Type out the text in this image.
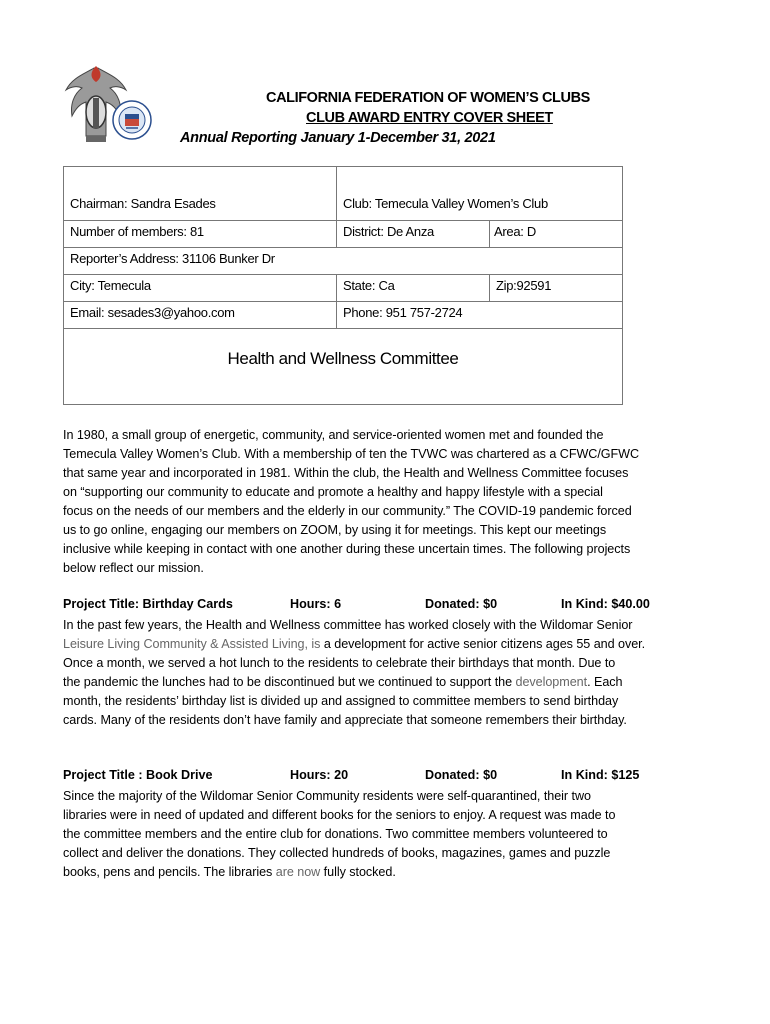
CALIFORNIA FEDERATION OF WOMEN’S CLUBS
CLUB AWARD ENTRY COVER SHEET
Annual Reporting January 1-December 31, 2021
Chairman: Sandra Esades	Club: Temecula Valley Women’s Club
Number of members: 81	District: De Anza	Area: D
Reporter’s Address: 31106 Bunker Dr
City: Temecula	State: Ca	Zip:92591
Email: sesades3@yahoo.com	Phone: 951 757-2724
Health and Wellness Committee
In 1980, a small group of energetic, community, and service-oriented women met and founded the
Temecula Valley Women’s Club. With a membership of ten the TVWC was chartered as a CFWC/GFWC
that same year and incorporated in 1981. Within the club, the Health and Wellness Committee focuses
on “supporting our community to educate and promote a healthy and happy lifestyle with a special
focus on the needs of our members and the elderly in our community.” The COVID-19 pandemic forced
us to go online, engaging our members on ZOOM, by using it for meetings. This kept our meetings
inclusive while keeping in contact with one another during these uncertain times. The following projects
below reflect our mission.
Project Title: Birthday Cards	Hours: 6	Donated: $0	In Kind: $40.00
In the past few years, the Health and Wellness committee has worked closely with the Wildomar Senior
Leisure Living Community & Assisted Living, is a development for active senior citizens ages 55 and over.
Once a month, we served a hot lunch to the residents to celebrate their birthdays that month. Due to
the pandemic the lunches had to be discontinued but we continued to support the development. Each
month, the residents’ birthday list is divided up and assigned to committee members to send birthday
cards. Many of the residents don’t have family and appreciate that someone remembers their birthday.
Project Title : Book Drive	Hours: 20	Donated: $0	In Kind: $125
Since the majority of the Wildomar Senior Community residents were self-quarantined, their two
libraries were in need of updated and different books for the seniors to enjoy. A request was made to
the committee members and the entire club for donations. Two committee members volunteered to
collect and deliver the donations. They collected hundreds of books, magazines, games and puzzle
books, pens and pencils. The libraries are now fully stocked.
